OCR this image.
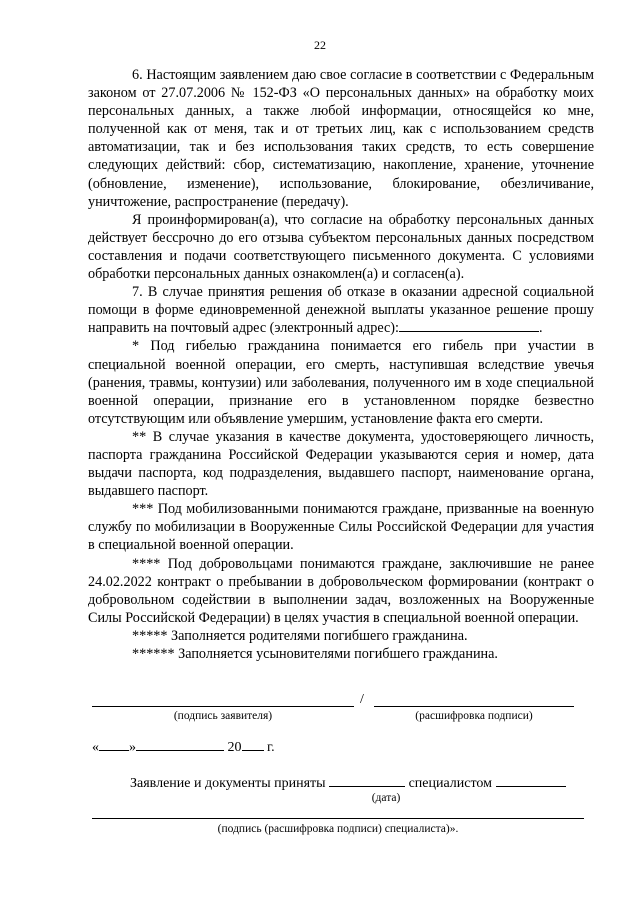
22

6. Настоящим заявлением даю свое согласие в соответствии с Федеральным законом от 27.07.2006 № 152-ФЗ «О персональных данных» на обработку моих персональных данных, а также любой информации, относящейся ко мне, полученной как от меня, так и от третьих лиц, как с использованием средств автоматизации, так и без использования таких средств, то есть совершение следующих действий: сбор, систематизацию, накопление, хранение, уточнение (обновление, изменение), использование, блокирование, обезличивание, уничтожение, распространение (передачу).

Я проинформирован(а), что согласие на обработку персональных данных действует бессрочно до его отзыва субъектом персональных данных посредством составления и подачи соответствующего письменного документа. С условиями обработки персональных данных ознакомлен(а) и согласен(а).

7. В случае принятия решения об отказе в оказании адресной социальной помощи в форме единовременной денежной выплаты указанное решение прошу направить на почтовый адрес (электронный адрес):	.

* Под гибелью гражданина понимается его гибель при участии в специальной военной операции, его смерть, наступившая вследствие увечья (ранения, травмы, контузии) или заболевания, полученного им в ходе специальной военной операции, признание его в установленном порядке безвестно отсутствующим или объявление умершим, установление факта его смерти.

** В случае указания в качестве документа, удостоверяющего личность, паспорта гражданина Российской Федерации указываются серия и номер, дата выдачи паспорта, код подразделения, выдавшего паспорт, наименование органа, выдавшего паспорт.

*** Под мобилизованными понимаются граждане, призванные на военную службу по мобилизации в Вооруженные Силы Российской Федерации для участия в специальной военной операции.

**** Под добровольцами понимаются граждане, заключившие не ранее 24.02.2022 контракт о пребывании в добровольческом формировании (контракт о добровольном содействии в выполнении задач, возложенных на Вооруженные Силы Российской Федерации) в целях участия в специальной военной операции.

***** Заполняется родителями погибшего гражданина.

****** Заполняется усыновителями погибшего гражданина.

/
(подпись заявителя)	(расшифровка подписи)
« »	20 г.
Заявление и документы приняты	специалистом
(дата)
(подпись (расшифровка подписи) специалиста)».
